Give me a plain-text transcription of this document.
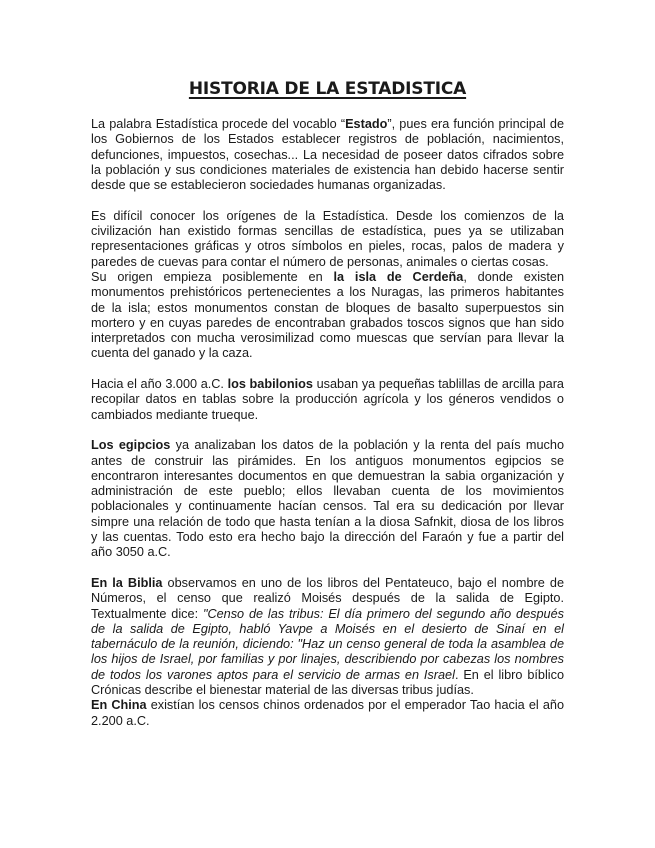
HISTORIA DE LA ESTADISTICA

La palabra Estadística procede del vocablo “Estado”, pues era función principal de los Gobiernos de los Estados establecer registros de población, nacimientos, defunciones, impuestos, cosechas... La necesidad de poseer datos cifrados sobre la población y sus condiciones materiales de existencia han debido hacerse sentir desde que se establecieron sociedades humanas organizadas.

Es difícil conocer los orígenes de la Estadística. Desde los comienzos de la civilización han existido formas sencillas de estadística, pues ya se utilizaban representaciones gráficas y otros símbolos en pieles, rocas, palos de madera y paredes de cuevas para contar el número de personas, animales o ciertas cosas.

Su origen empieza posiblemente en la isla de Cerdeña, donde existen monumentos prehistóricos pertenecientes a los Nuragas, las primeros habitantes de la isla; estos monumentos constan de bloques de basalto superpuestos sin mortero y en cuyas paredes de encontraban grabados toscos signos que han sido interpretados con mucha verosimilizad como muescas que servían para llevar la cuenta del ganado y la caza.

Hacia el año 3.000 a.C. los babilonios usaban ya pequeñas tablillas de arcilla para recopilar datos en tablas sobre la producción agrícola y los géneros vendidos o cambiados mediante trueque.

Los egipcios ya analizaban los datos de la población y la renta del país mucho antes de construir las pirámides. En los antiguos monumentos egipcios se encontraron interesantes documentos en que demuestran la sabia organización y administración de este pueblo; ellos llevaban cuenta de los movimientos poblacionales y continuamente hacían censos. Tal era su dedicación por llevar simpre una relación de todo que hasta tenían a la diosa Safnkit, diosa de los libros y las cuentas. Todo esto era hecho bajo la dirección del Faraón y fue a partir del año 3050 a.C.

En la Biblia observamos en uno de los libros del Pentateuco, bajo el nombre de Números, el censo que realizó Moisés después de la salida de Egipto. Textualmente dice: "Censo de las tribus: El día primero del segundo año después de la salida de Egipto, habló Yavpe a Moisés en el desierto de Sinaí en el tabernáculo de la reunión, diciendo: "Haz un censo general de toda la asamblea de los hijos de Israel, por familias y por linajes, describiendo por cabezas los nombres de todos los varones aptos para el servicio de armas en Israel. En el libro bíblico Crónicas describe el bienestar material de las diversas tribus judías.

En China existían los censos chinos ordenados por el emperador Tao hacia el año 2.200 a.C.
